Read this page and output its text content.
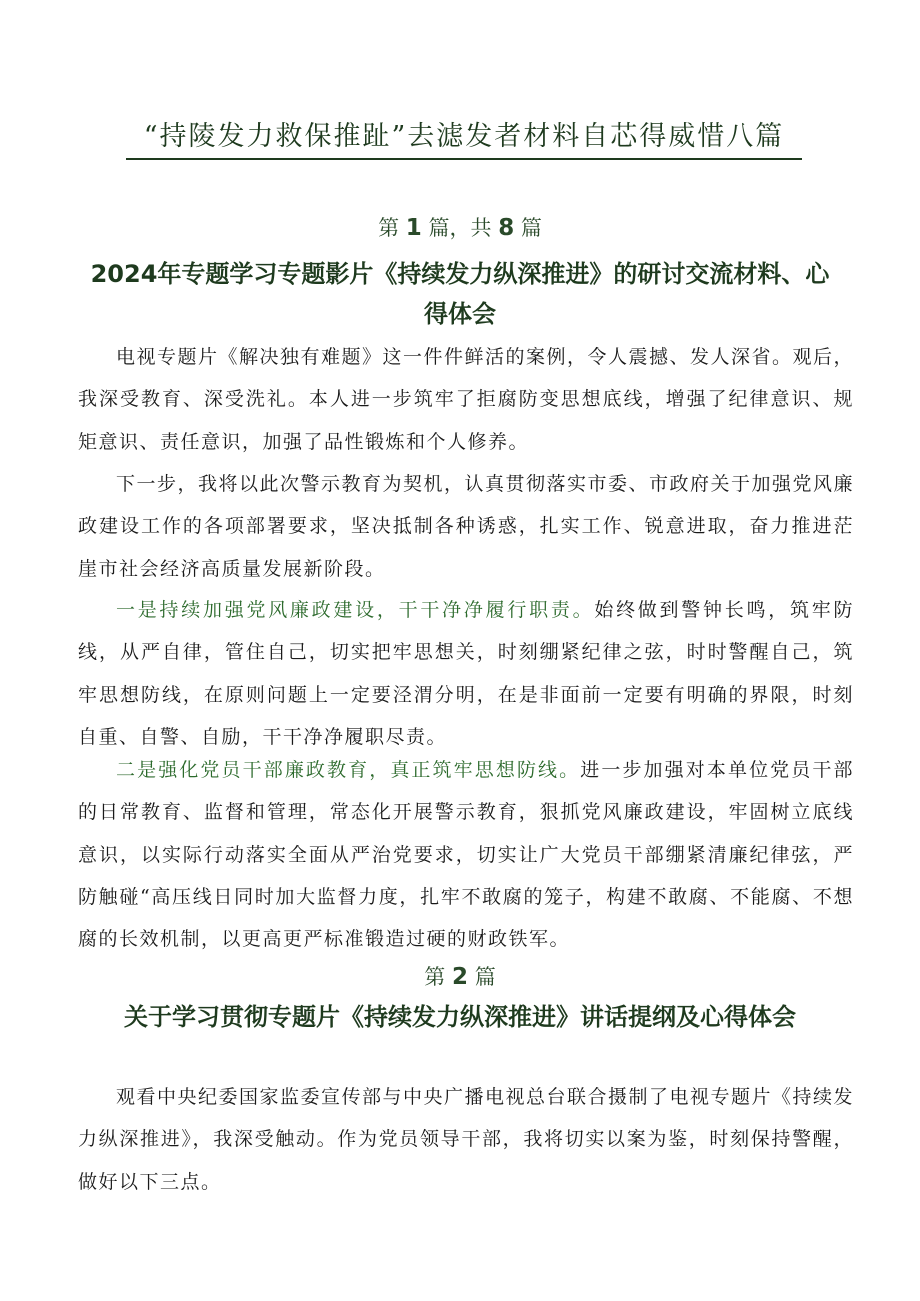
“持陵发力救保推趾”去滤发者材料自芯得威惜八篇
第 1 篇，共 8 篇
2024年专题学习专题影片《持续发力纵深推进》的研讨交流材料、心得体会
电视专题片《解决独有难题》这一件件鲜活的案例，令人震撼、发人深省。观后，我深受教育、深受洗礼。本人进一步筑牢了拒腐防变思想底线，增强了纪律意识、规矩意识、责任意识，加强了品性锻炼和个人修养。
下一步，我将以此次警示教育为契机，认真贯彻落实市委、市政府关于加强党风廉政建设工作的各项部署要求，坚决抵制各种诱惑，扎实工作、锐意进取，奋力推进茫崖市社会经济高质量发展新阶段。
一是持续加强党风廉政建设，干干净净履行职责。始终做到警钟长鸣，筑牢防线，从严自律，管住自己，切实把牢思想关，时刻绷紧纪律之弦，时时警醒自己，筑牢思想防线，在原则问题上一定要泾渭分明，在是非面前一定要有明确的界限，时刻自重、自警、自励，干干净净履职尽责。
二是强化党员干部廉政教育，真正筑牢思想防线。进一步加强对本单位党员干部的日常教育、监督和管理，常态化开展警示教育，狠抓党风廉政建设，牢固树立底线意识，以实际行动落实全面从严治党要求，切实让广大党员干部绷紧清廉纪律弦，严防触碰“高压线日同时加大监督力度，扎牢不敢腐的笼子，构建不敢腐、不能腐、不想腐的长效机制，以更高更严标准锻造过硬的财政铁军。
第 2 篇
关于学习贯彻专题片《持续发力纵深推进》讲话提纲及心得体会
观看中央纪委国家监委宣传部与中央广播电视总台联合摄制了电视专题片《持续发力纵深推进》，我深受触动。作为党员领导干部，我将切实以案为鉴，时刻保持警醒，做好以下三点。
